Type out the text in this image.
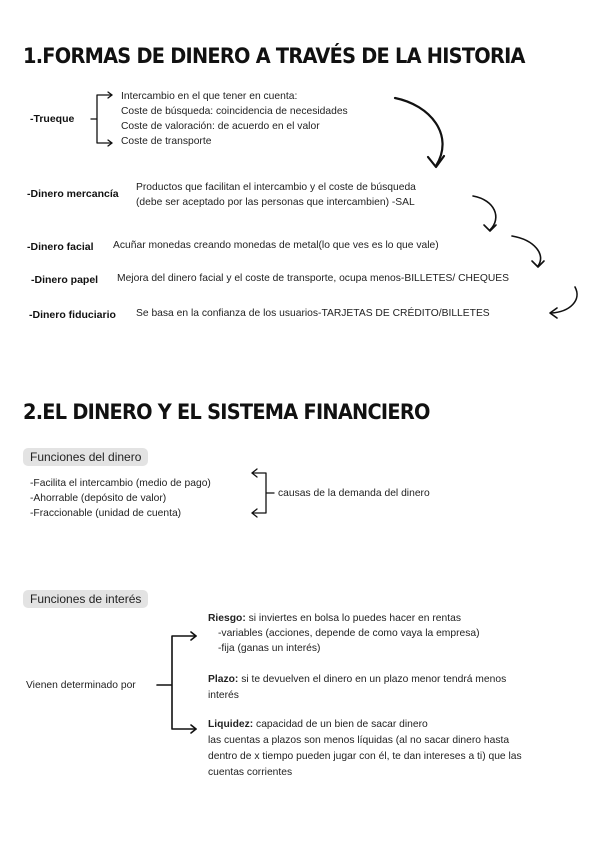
1.FORMAS DE DINERO A TRAVÉS DE LA HISTORIA
-Trueque
Intercambio en el que tener en cuenta:
Coste de búsqueda: coincidencia de necesidades
Coste de valoración: de acuerdo en el valor
Coste de transporte
-Dinero mercancía
Productos que facilitan el intercambio y el coste de búsqueda
(debe ser aceptado por las personas que intercambien) -SAL
-Dinero facial Acuñar monedas creando monedas de metal(lo que ves es lo que vale)
-Dinero papel Mejora del dinero facial y el coste de transporte, ocupa menos-BILLETES/ CHEQUES
-Dinero fiduciario Se basa en la confianza de los usuarios-TARJETAS DE CRÉDITO/BILLETES
2.EL DINERO Y EL SISTEMA FINANCIERO
Funciones del dinero
-Facilita el intercambio (medio de pago)
-Ahorrable (depósito de valor)
-Fraccionable (unidad de cuenta)
causas de la demanda del dinero
Funciones de interés
Vienen determinado por
Riesgo: si inviertes en bolsa lo puedes hacer en rentas
-variables (acciones, depende de como vaya la empresa)
-fija (ganas un interés)
Plazo: si te devuelven el dinero en un plazo menor tendrá menos
interés
Liquidez: capacidad de un bien de sacar dinero
las cuentas a plazos son menos líquidas (al no sacar dinero hasta
dentro de x tiempo pueden jugar con él, te dan intereses a ti) que las
cuentas corrientes
